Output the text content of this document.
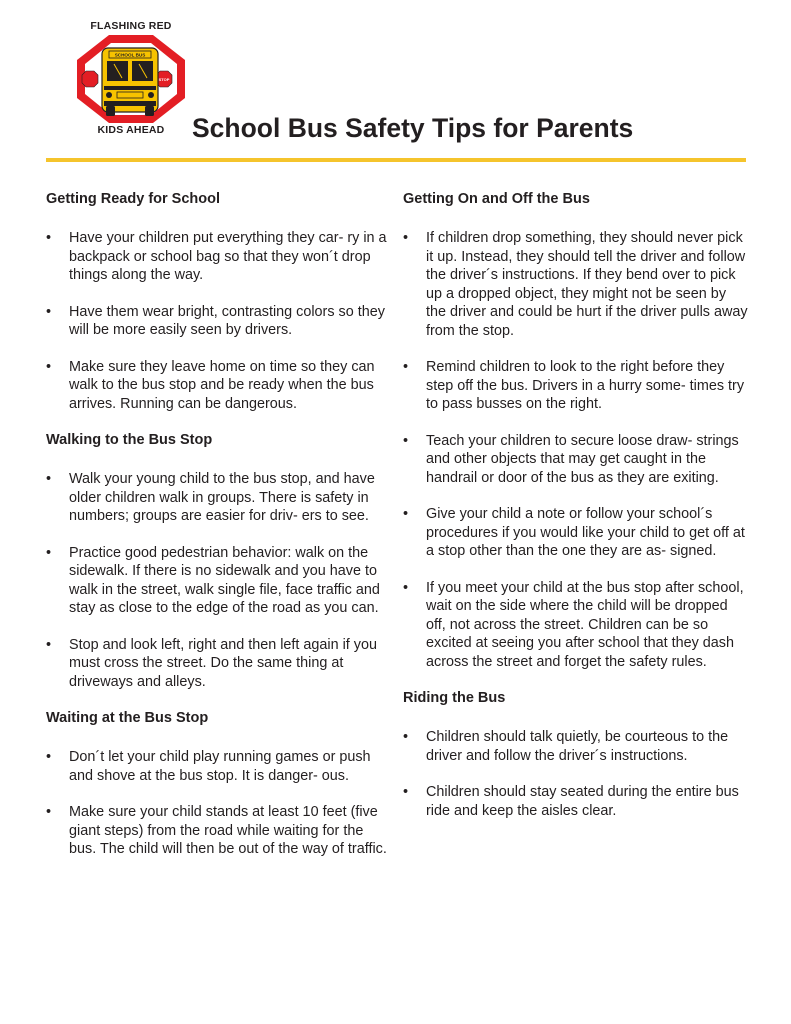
FLASHING RED
STOP
SCHOOL BUS
KIDS AHEAD	School Bus Safety Tips for Parents
Getting Ready for School
• Have your children put everything they car- ry in a backpack or school bag so that they won´t drop things along the way.
• Have them wear bright, contrasting colors so they will be more easily seen by drivers.
• Make sure they leave home on time so they can walk to the bus stop and be ready when the bus arrives. Running can be dangerous.
Walking to the Bus Stop
• Walk your young child to the bus stop, and have older children walk in groups. There is safety in numbers; groups are easier for driv- ers to see.
• Practice good pedestrian behavior: walk on the sidewalk. If there is no sidewalk and you have to walk in the street, walk single file, face traffic and stay as close to the edge of the road as you can.
• Stop and look left, right and then left again if you must cross the street. Do the same thing at driveways and alleys.
Waiting at the Bus Stop
• Don´t let your child play running games or push and shove at the bus stop. It is danger- ous.
• Make sure your child stands at least 10 feet (five giant steps) from the road while waiting for the bus. The child will then be out of the way of traffic.
Getting On and Off the Bus
• If children drop something, they should never pick it up. Instead, they should tell the driver and follow the driver´s instructions. If they bend over to pick up a dropped object, they might not be seen by the driver and could be hurt if the driver pulls away from the stop.
• Remind children to look to the right before they step off the bus. Drivers in a hurry some- times try to pass busses on the right.
• Teach your children to secure loose draw- strings and other objects that may get caught in the handrail or door of the bus as they are exiting.
• Give your child a note or follow your school´s procedures if you would like your child to get off at a stop other than the one they are as- signed.
• If you meet your child at the bus stop after school, wait on the side where the child will be dropped off, not across the street. Children can be so excited at seeing you after school that they dash across the street and forget the safety rules.
Riding the Bus
• Children should talk quietly, be courteous to the driver and follow the driver´s instructions.
• Children should stay seated during the entire bus ride and keep the aisles clear.
